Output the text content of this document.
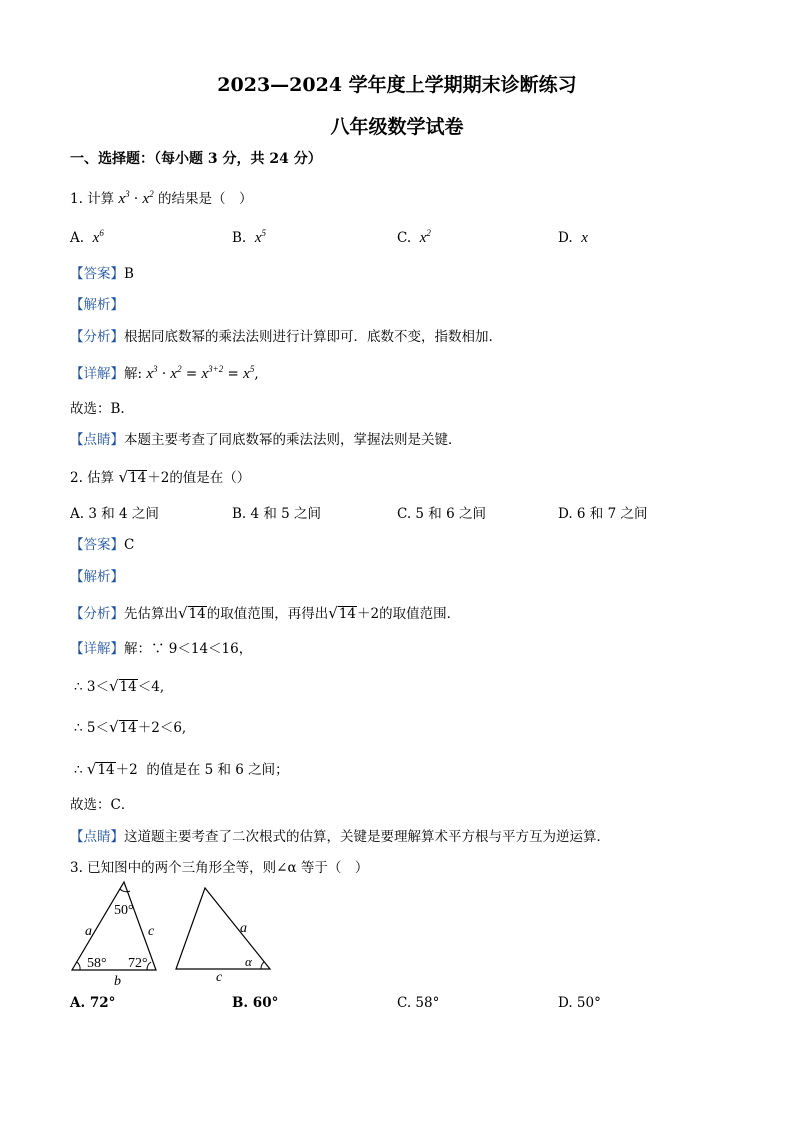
2023—2024 学年度上学期期末诊断练习
八年级数学试卷
一、选择题：（每小题 3 分，共 24 分）
1. 计算 $x^3 \cdot x^2$ 的结果是（　）
A. $x^6$	B. $x^5$	C. $x^2$	D. x
【答案】B
【解析】
【分析】根据同底数幂的乘法法则进行计算即可．底数不变，指数相加.
【详解】解: $x^3 \cdot x^2 = x^{3+2} = x^5$,
故选：B.
【点睛】本题主要考查了同底数幂的乘法法则，掌握法则是关键．
2. 估算 √14＋2的值是在（）
A. 3 和 4 之间	B. 4 和 5 之间	C. 5 和 6 之间	D. 6 和 7 之间
【答案】C
【解析】
【分析】先估算出√14的取值范围，再得出√14＋2的取值范围．
【详解】解：∵ 9＜14＜16，
∴ 3＜√14＜4,
∴ 5＜√14＋2＜6,
∴ √14＋2 的值是在 5 和 6 之间；
故选：C．
【点睛】这道题主要考查了二次根式的估算，关键是要理解算术平方根与平方互为逆运算．
3. 已知图中的两个三角形全等，则∠α 等于（　）
50°
58° 72°
a
b
c	a
c
α
A. 72°	B. 60°	C. 58°	D. 50°
